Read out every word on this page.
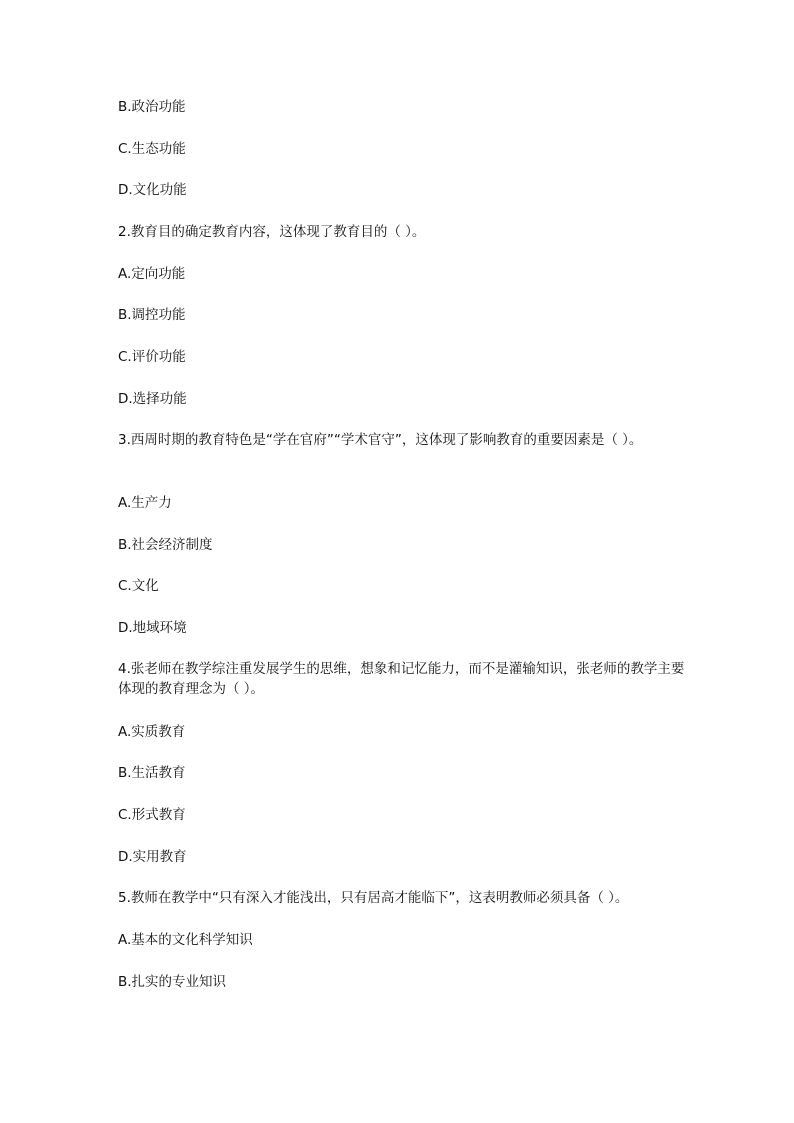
B.政治功能
C.生态功能
D.文化功能
2.教育目的确定教育内容，这体现了教育目的（ ）。
A.定向功能
B.调控功能
C.评价功能
D.选择功能
3.西周时期的教育特色是“学在官府”“学术官守”，这体现了影响教育的重要因素是（ ）。
A.生产力
B.社会经济制度
C.文化
D.地域环境
4.张老师在教学综注重发展学生的思维，想象和记忆能力，而不是灌输知识，张老师的教学主要体现的教育理念为（ ）。
A.实质教育
B.生活教育
C.形式教育
D.实用教育
5.教师在教学中“只有深入才能浅出，只有居高才能临下”，这表明教师必须具备（ ）。
A.基本的文化科学知识
B.扎实的专业知识
